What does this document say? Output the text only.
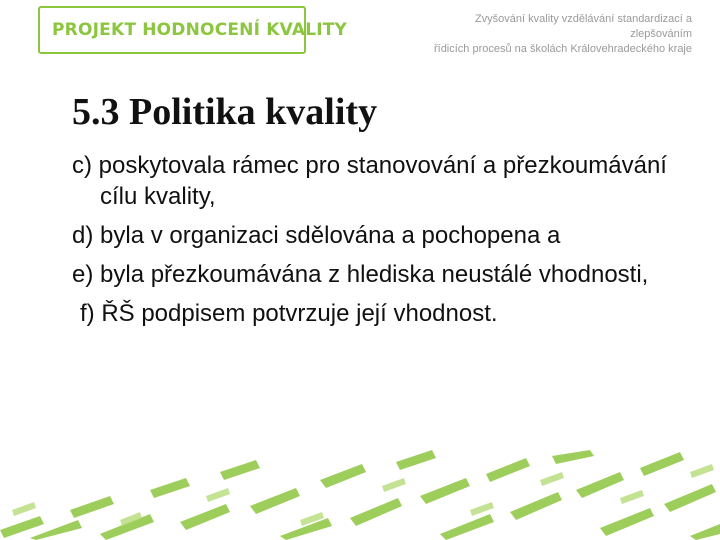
PROJEKT HODNOCENÍ KVALITY
Zvyšování kvality vzdělávání standardizací a zlepšováním
řídicích procesů na školách Královehradeckého kraje
5.3 Politika kvality
c) poskytovala rámec pro stanovování a přezkoumávání cílu kvality,
d) byla v organizaci sdělována a pochopena a
e) byla přezkoumávána z hlediska neustálé vhodnosti,
f) ŘŠ podpisem potvrzuje její vhodnost.
